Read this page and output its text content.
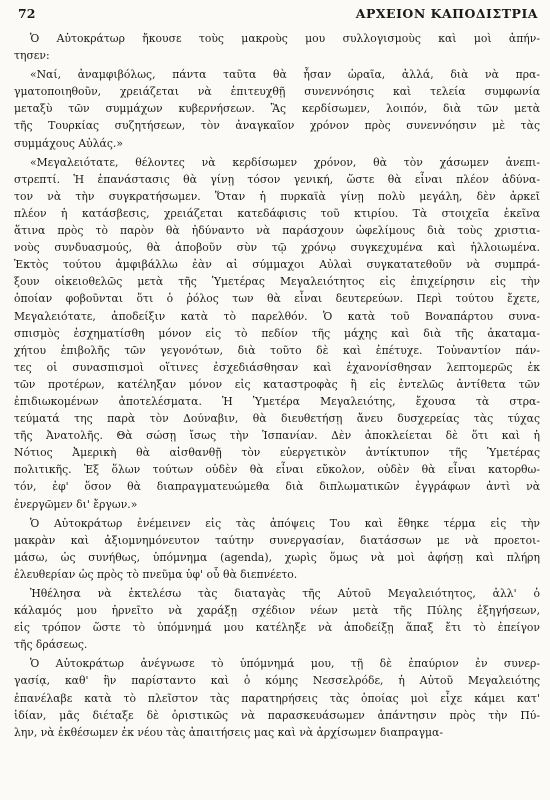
72	ΑΡΧΕΙΟΝ ΚΑΠΟΔΙΣΤΡΙΑ
Ὁ Αὐτοκράτωρ ἤκουσε τοὺς μακροὺς μου συλλογισμοὺς καὶ μοὶ ἀπήν-
τησεν:
«Ναί, ἀναμφιβόλως, πάντα ταῦτα θὰ ἦσαν ὡραῖα, ἀλλά, διὰ νὰ πρα-
γματοποιηθοῦν, χρειάζεται νὰ ἐπιτευχθῇ συνεννόησις καὶ τελεία συμφωνία
μεταξὺ τῶν συμμάχων κυβερνήσεων. Ἂς κερδίσωμεν, λοιπόν, διὰ τῶν μετὰ
τῆς Τουρκίας συζητήσεων, τὸν ἀναγκαῖον χρόνον πρὸς συνεννόησιν μὲ τὰς
συμμάχους Αὐλάς.»
«Μεγαλειότατε, θέλοντες νὰ κερδίσωμεν χρόνον, θὰ τὸν χάσωμεν ἀνεπι-
στρεπτί. Ἡ ἐπανάστασις θὰ γίνῃ τόσον γενική, ὥστε θὰ εἶναι πλέον ἀδύνα-
τον νὰ τὴν συγκρατήσωμεν. Ὅταν ἡ πυρκαϊὰ γίνῃ πολὺ μεγάλη, δὲν ἀρκεῖ
πλέον ἡ κατάσβεσις, χρειάζεται κατεδάφισις τοῦ κτιρίου. Τὰ στοιχεῖα ἐκεῖνα
ἅτινα πρὸς τὸ παρὸν θὰ ἠδύναντο νὰ παράσχουν ὠφελίμους διὰ τοὺς χριστια-
νοὺς συνδυασμούς, θὰ ἀποβοῦν σὺν τῷ χρόνῳ συγκεχυμένα καὶ ἠλλοιωμένα.
Ἐκτὸς τούτου ἀμφιβάλλω ἐὰν αἱ σύμμαχοι Αὐλαὶ συγκατατεθοῦν νὰ συμπρά-
ξουν οἰκειοθελῶς μετὰ τῆς Ὑμετέρας Μεγαλειότητος εἰς ἐπιχείρησιν εἰς τὴν
ὁποίαν φοβοῦνται ὅτι ὁ ῥόλος των θὰ εἶναι δευτερεύων. Περὶ τούτου ἔχετε,
Μεγαλειότατε, ἀποδείξιν κατὰ τὸ παρελθόν. Ὁ κατὰ τοῦ Βοναπάρτου συνα-
σπισμὸς ἐσχηματίσθη μόνον εἰς τὸ πεδίον τῆς μάχης καὶ διὰ τῆς ἀκαταμα-
χήτου ἐπιβολῆς τῶν γεγονότων, διὰ τοῦτο δὲ καὶ ἐπέτυχε. Τοὐναντίον πάν-
τες οἱ συνασπισμοὶ οἵτινες ἐσχεδιάσθησαν καὶ ἐχανονίσθησαν λεπτομερῶς ἐκ
τῶν προτέρων, κατέληξαν μόνον εἰς καταστροφὰς ἢ εἰς ἐντελῶς ἀντίθετα τῶν
ἐπιδιωκομένων ἀποτελέσματα. Ἡ Ὑμετέρα Μεγαλειότης, ἔχουσα τὰ στρα-
τεύματά της παρὰ τὸν Δούναβιν, θὰ διευθετήσῃ ἄνευ δυσχερείας τὰς τύχας
τῆς Ἀνατολῆς. Θὰ σώσῃ ἴσως τὴν Ἱσπανίαν. Δὲν ἀποκλείεται δὲ ὅτι καὶ ἡ
Νότιος Ἀμερικὴ θὰ αἰσθανθῇ τὸν εὐεργετικὸν ἀντίκτυπον τῆς Ὑμετέρας
πολιτικῆς. Ἐξ ὅλων τούτων οὐδὲν θὰ εἶναι εὔκολον, οὐδὲν θὰ εἶναι κατορθω-
τόν, ἐφ' ὅσον θὰ διαπραγματευώμεθα διὰ διπλωματικῶν ἐγγράφων ἀντὶ νὰ
ἐνεργῶμεν δι' ἔργων.»
Ὁ Αὐτοκράτωρ ἐνέμεινεν εἰς τὰς ἀπόψεις Του καὶ ἔθηκε τέρμα εἰς τὴν
μακρὰν καὶ ἀξιομνημόνευτον ταύτην συνεργασίαν, διατάσσων με νὰ προετοι-
μάσω, ὡς συνήθως, ὑπόμνημα (agenda), χωρὶς ὅμως νὰ μοὶ ἀφήσῃ καὶ πλήρη
ἐλευθερίαν ὡς πρὸς τὸ πνεῦμα ὑφ' οὗ θὰ διεπνέετο.
Ἠθέλησα νὰ ἐκτελέσω τὰς διαταγὰς τῆς Αὐτοῦ Μεγαλειότητος, ἀλλ' ὁ
κάλαμός μου ἠρνεῖτο νὰ χαράξῃ σχέδιον νέων μετὰ τῆς Πύλης ἐξηγήσεων,
εἰς τρόπον ὥστε τὸ ὑπόμνημά μου κατέληξε νὰ ἀποδείξῃ ἅπαξ ἔτι τὸ ἐπείγον
τῆς δράσεως.
Ὁ Αὐτοκράτωρ ἀνέγνωσε τὸ ὑπόμνημά μου, τῇ δὲ ἐπαύριον ἐν συνερ-
γασίᾳ, καθ' ἣν παρίσταντο καὶ ὁ κόμης Νεσσελρόδε, ἡ Αὐτοῦ Μεγαλειότης
ἐπανέλαβε κατὰ τὸ πλεῖστον τὰς παρατηρήσεις τὰς ὁποίας μοὶ εἶχε κάμει κατ'
ἰδίαν, μᾶς διέταξε δὲ ὁριστικῶς νὰ παρασκευάσωμεν ἀπάντησιν πρὸς τὴν Πύ-
λην, νὰ ἐκθέσωμεν ἐκ νέου τὰς ἀπαιτήσεις μας καὶ νὰ ἀρχίσωμεν διαπραγμα-
